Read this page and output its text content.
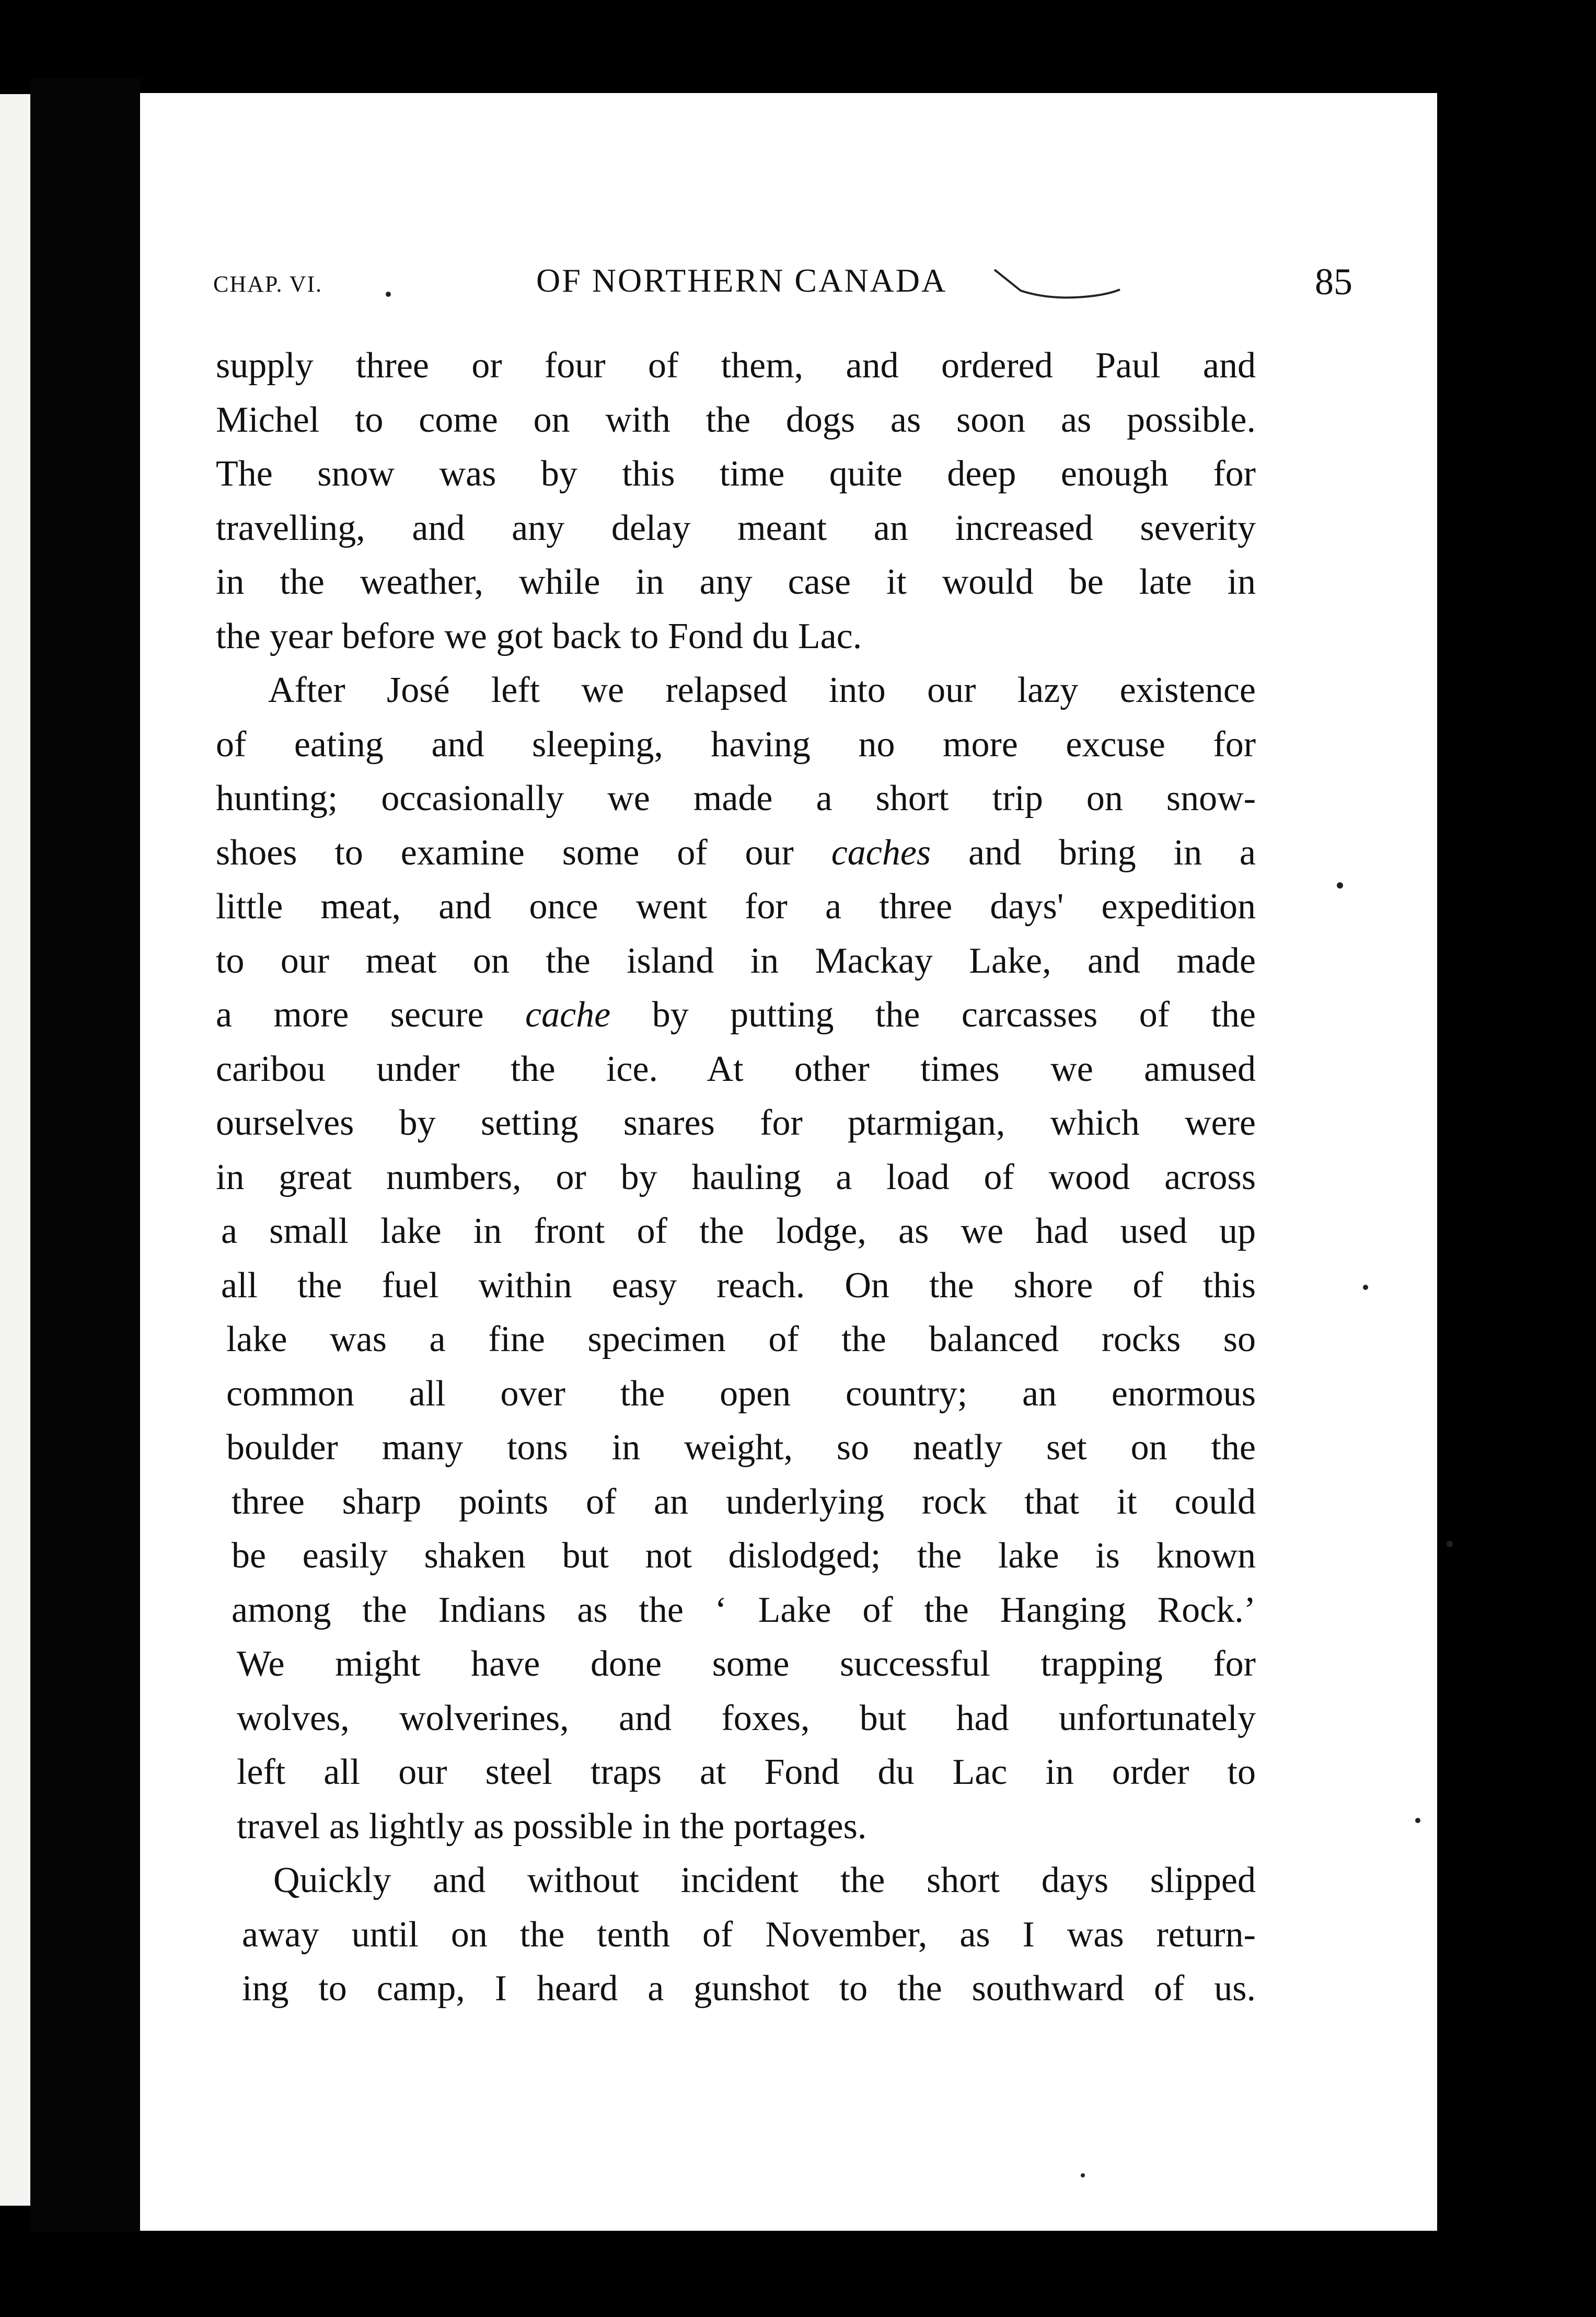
CHAP. VI.	OF NORTHERN CANADA	85
supply three or four of them, and ordered Paul and
Michel to come on with the dogs as soon as possible.
The snow was by this time quite deep enough for
travelling, and any delay meant an increased severity
in the weather, while in any case it would be late in
the year before we got back to Fond du Lac.
After José left we relapsed into our lazy existence
of eating and sleeping, having no more excuse for
hunting; occasionally we made a short trip on snow-
shoes to examine some of our caches and bring in a
little meat, and once went for a three days' expedition
to our meat on the island in Mackay Lake, and made
a more secure cache by putting the carcasses of the
caribou under the ice. At other times we amused
ourselves by setting snares for ptarmigan, which were
in great numbers, or by hauling a load of wood across
a small lake in front of the lodge, as we had used up
all the fuel within easy reach. On the shore of this
lake was a fine specimen of the balanced rocks so
common all over the open country; an enormous
boulder many tons in weight, so neatly set on the
three sharp points of an underlying rock that it could
be easily shaken but not dislodged; the lake is known
among the Indians as the ‘ Lake of the Hanging Rock.’
We might have done some successful trapping for
wolves, wolverines, and foxes, but had unfortunately
left all our steel traps at Fond du Lac in order to
travel as lightly as possible in the portages.
Quickly and without incident the short days slipped
away until on the tenth of November, as I was return-
ing to camp, I heard a gunshot to the southward of us.
